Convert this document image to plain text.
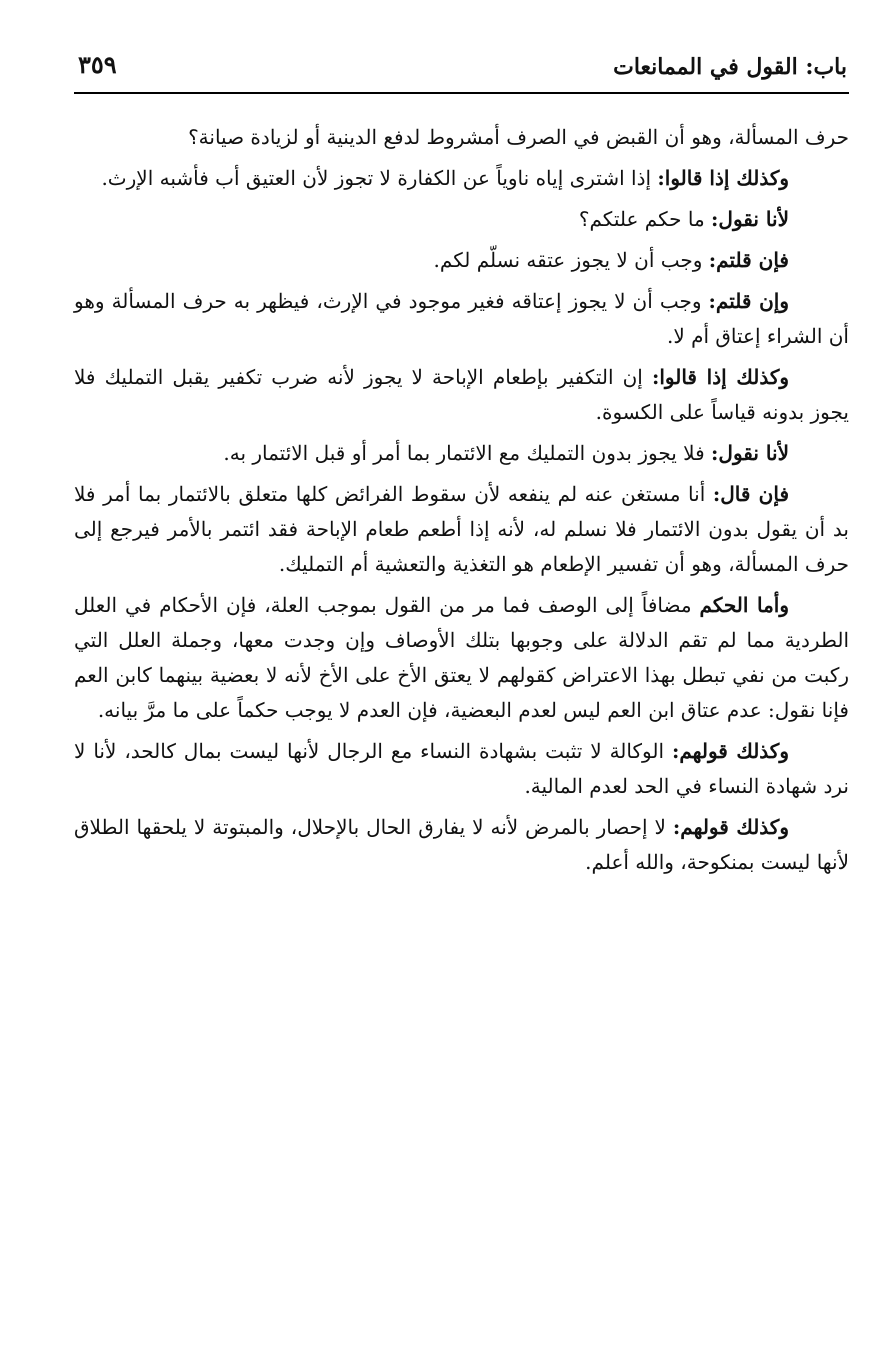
باب: القول في الممانعات
٣٥٩

حرف المسألة، وهو أن القبض في الصرف أمشروط لدفع الدينية أو لزيادة صيانة؟

وكذلك إذا قالوا: إذا اشترى إياه ناوياً عن الكفارة لا تجوز لأن العتيق أب فأشبه الإرث.

لأنا نقول: ما حكم علتكم؟

فإن قلتم: وجب أن لا يجوز عتقه نسلّم لكم.

وإن قلتم: وجب أن لا يجوز إعتاقه فغير موجود في الإرث، فيظهر به حرف المسألة وهو أن الشراء إعتاق أم لا.

وكذلك إذا قالوا: إن التكفير بإطعام الإباحة لا يجوز لأنه ضرب تكفير يقبل التمليك فلا يجوز بدونه قياساً على الكسوة.

لأنا نقول: فلا يجوز بدون التمليك مع الائتمار بما أمر أو قبل الائتمار به.

فإن قال: أنا مستغن عنه لم ينفعه لأن سقوط الفرائض كلها متعلق بالائتمار بما أمر فلا بد أن يقول بدون الائتمار فلا نسلم له، لأنه إذا أطعم طعام الإباحة فقد ائتمر بالأمر فيرجع إلى حرف المسألة، وهو أن تفسير الإطعام هو التغذية والتعشية أم التمليك.

وأما الحكم مضافاً إلى الوصف فما مر من القول بموجب العلة، فإن الأحكام في العلل الطردية مما لم تقم الدلالة على وجوبها بتلك الأوصاف وإن وجدت معها، وجملة العلل التي ركبت من نفي تبطل بهذا الاعتراض كقولهم لا يعتق الأخ على الأخ لأنه لا بعضية بينهما كابن العم فإنا نقول: عدم عتاق ابن العم ليس لعدم البعضية، فإن العدم لا يوجب حكماً على ما مرَّ بيانه.

وكذلك قولهم: الوكالة لا تثبت بشهادة النساء مع الرجال لأنها ليست بمال كالحد، لأنا لا نرد شهادة النساء في الحد لعدم المالية.

وكذلك قولهم: لا إحصار بالمرض لأنه لا يفارق الحال بالإحلال، والمبتوتة لا يلحقها الطلاق لأنها ليست بمنكوحة، والله أعلم.
